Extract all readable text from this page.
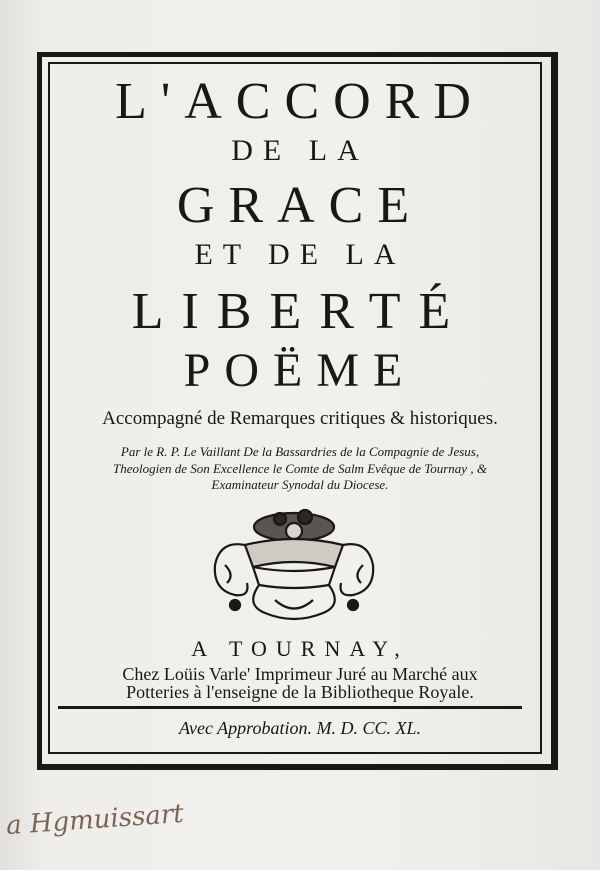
L'ACCORD
DE LA
GRACE
ET DE LA
LIBERTÉ
POËME
Accompagné de Remarques critiques & historiques.
Par le R. P. Le Vaillant De la Bassardries de la Compagnie de Jesus,
Theologien de Son Excellence le Comte de Salm Evêque de Tournay , &
Examinateur Synodal du Diocese.
A TOURNAY,
Chez Loüis Varle' Imprimeur Juré au Marché aux
Potteries à l'enseigne de la Bibliotheque Royale.
Avec Approbation. M. D. CC. XL.
a Hgmuissart
